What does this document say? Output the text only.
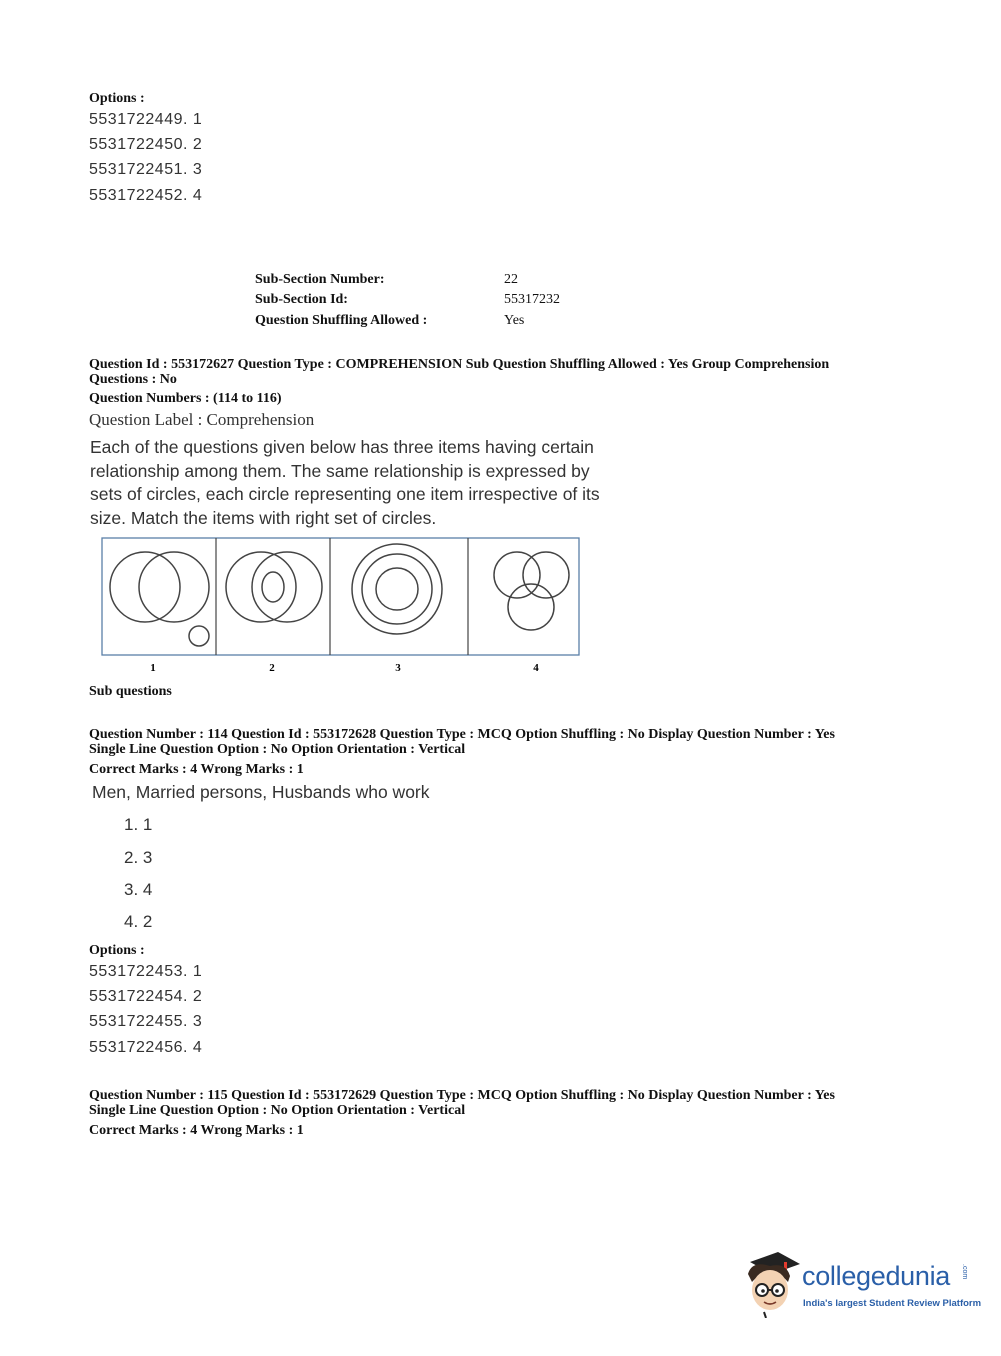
Options :
5531722449. 1
5531722450. 2
5531722451. 3
5531722452. 4
Sub-Section Number:	22
Sub-Section Id:	55317232
Question Shuffling Allowed :	Yes
Question Id : 553172627 Question Type : COMPREHENSION Sub Question Shuffling Allowed : Yes Group Comprehension
Questions : No
Question Numbers : (114 to 116)
Question Label : Comprehension
Each of the questions given below has three items having certain relationship among them. The same relationship is expressed by sets of circles, each circle representing one item irrespective of its size. Match the items with right set of circles.
1	2	3	4
Sub questions
Question Number : 114 Question Id : 553172628 Question Type : MCQ Option Shuffling : No Display Question Number : Yes
Single Line Question Option : No Option Orientation : Vertical
Correct Marks : 4 Wrong Marks : 1
Men, Married persons, Husbands who work
1. 1
2. 3
3. 4
4. 2
Options :
5531722453. 1
5531722454. 2
5531722455. 3
5531722456. 4
Question Number : 115 Question Id : 553172629 Question Type : MCQ Option Shuffling : No Display Question Number : Yes
Single Line Question Option : No Option Orientation : Vertical
Correct Marks : 4 Wrong Marks : 1
collegedunia .com
India's largest Student Review Platform
